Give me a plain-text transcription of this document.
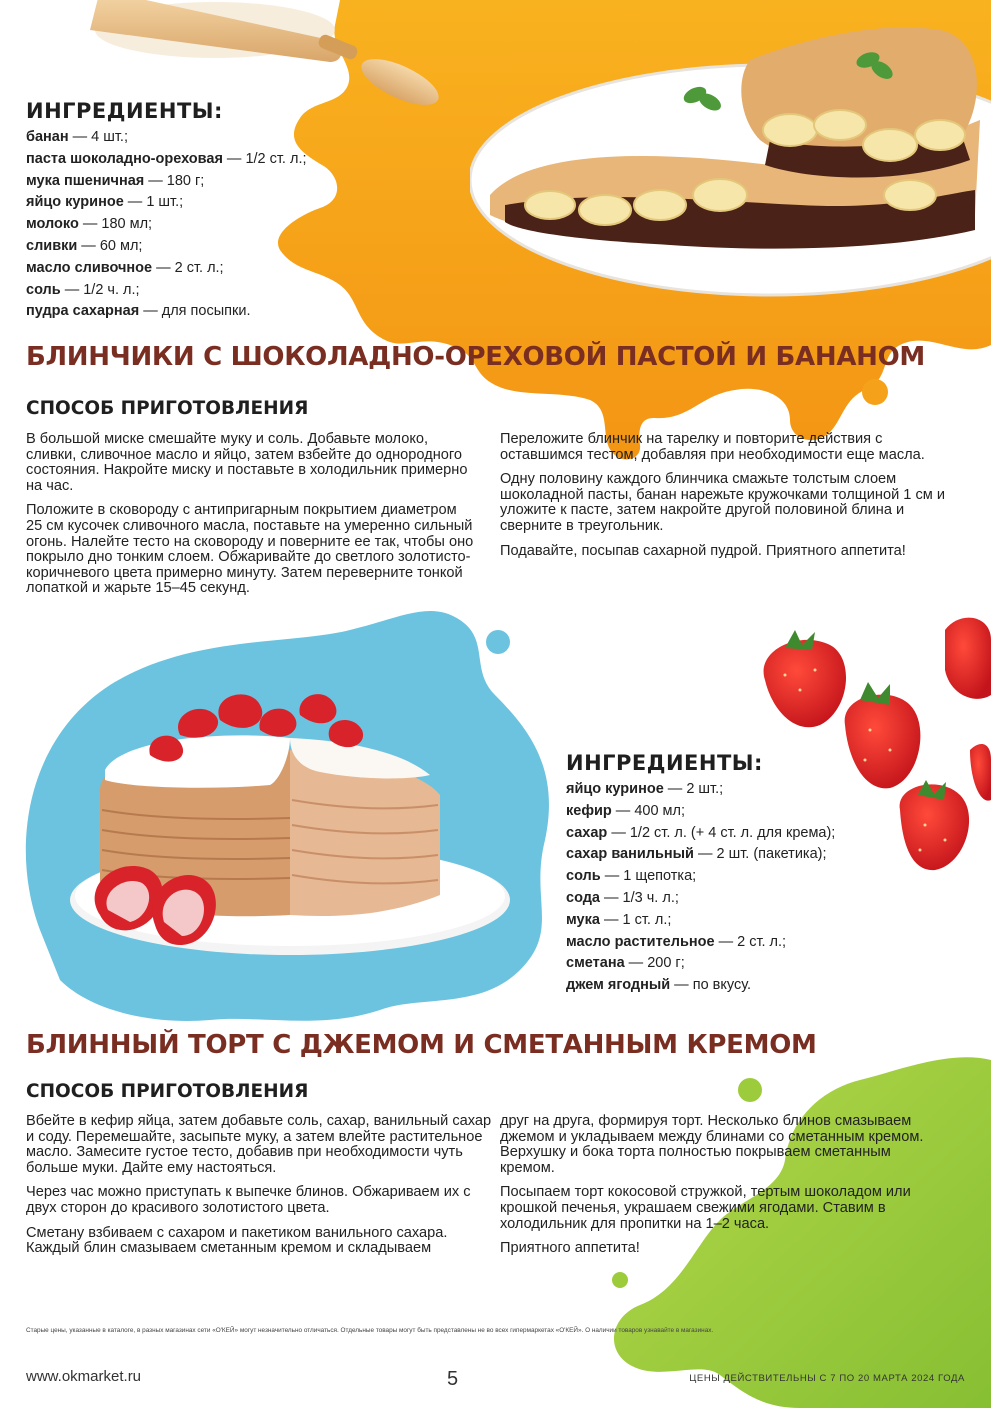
ИНГРЕДИЕНТЫ:
банан — 4 шт.;
паста шоколадно-ореховая — 1/2 ст. л.;
мука пшеничная — 180 г;
яйцо куриное — 1 шт.;
молоко — 180 мл;
сливки — 60 мл;
масло сливочное — 2 ст. л.;
соль — 1/2 ч. л.;
пудра сахарная — для посыпки.
БЛИНЧИКИ С ШОКОЛАДНО-ОРЕХОВОЙ ПАСТОЙ И БАНАНОМ
СПОСОБ ПРИГОТОВЛЕНИЯ

В большой миске смешайте муку и соль. Добавьте молоко, сливки, сливочное масло и яйцо, затем взбейте до однородного состояния. Накройте миску и поставьте в холодильник примерно на час.

Положите в сковороду с антипригарным покрытием диаметром 25 см кусочек сливочного масла, поставьте на умеренно сильный огонь. Налейте тесто на сковороду и поверните ее так, чтобы оно покрыло дно тонким слоем. Обжаривайте до светлого золотисто-коричневого цвета примерно минуту. Затем переверните тонкой лопаткой и жарьте 15–45 секунд.

Переложите блинчик на тарелку и повторите действия с оставшимся тестом, добавляя при необходимости еще масла.

Одну половину каждого блинчика смажьте толстым слоем шоколадной пасты, банан нарежьте кружочками толщиной 1 см и уложите к пасте, затем накройте другой половиной блина и сверните в треугольник.

Подавайте, посыпав сахарной пудрой. Приятного аппетита!

ИНГРЕДИЕНТЫ:
яйцо куриное — 2 шт.;
кефир — 400 мл;
сахар — 1/2 ст. л. (+ 4 ст. л. для крема);
сахар ванильный — 2 шт. (пакетика);
соль — 1 щепотка;
сода — 1/3 ч. л.;
мука — 1 ст. л.;
масло растительное — 2 ст. л.;
сметана — 200 г;
джем ягодный — по вкусу.
БЛИННЫЙ ТОРТ С ДЖЕМОМ И СМЕТАННЫМ КРЕМОМ
СПОСОБ ПРИГОТОВЛЕНИЯ

Вбейте в кефир яйца, затем добавьте соль, сахар, ванильный сахар и соду. Перемешайте, засыпьте муку, а затем влейте растительное масло. Замесите густое тесто, добавив при необходимости чуть больше муки. Дайте ему настояться.

Через час можно приступать к выпечке блинов. Обжариваем их с двух сторон до красивого золотистого цвета.

Сметану взбиваем с сахаром и пакетиком ванильного сахара. Каждый блин смазываем сметанным кремом и складываем

друг на друга, формируя торт. Несколько блинов смазываем джемом и укладываем между блинами со сметанным кремом. Верхушку и бока торта полностью покрываем сметанным кремом.

Посыпаем торт кокосовой стружкой, тертым шоколадом или крошкой печенья, украшаем свежими ягодами. Ставим в холодильник для пропитки на 1–2 часа.

Приятного аппетита!

Старые цены, указанные в каталоге, в разных магазинах сети «О'КЕЙ» могут незначительно отличаться. Отдельные товары могут быть представлены не во всех гипермаркетах «О'КЕЙ». О наличии товаров узнавайте в магазинах.
www.okmarket.ru	5	ЦЕНЫ ДЕЙСТВИТЕЛЬНЫ С 7 ПО 20 МАРТА 2024 ГОДА
